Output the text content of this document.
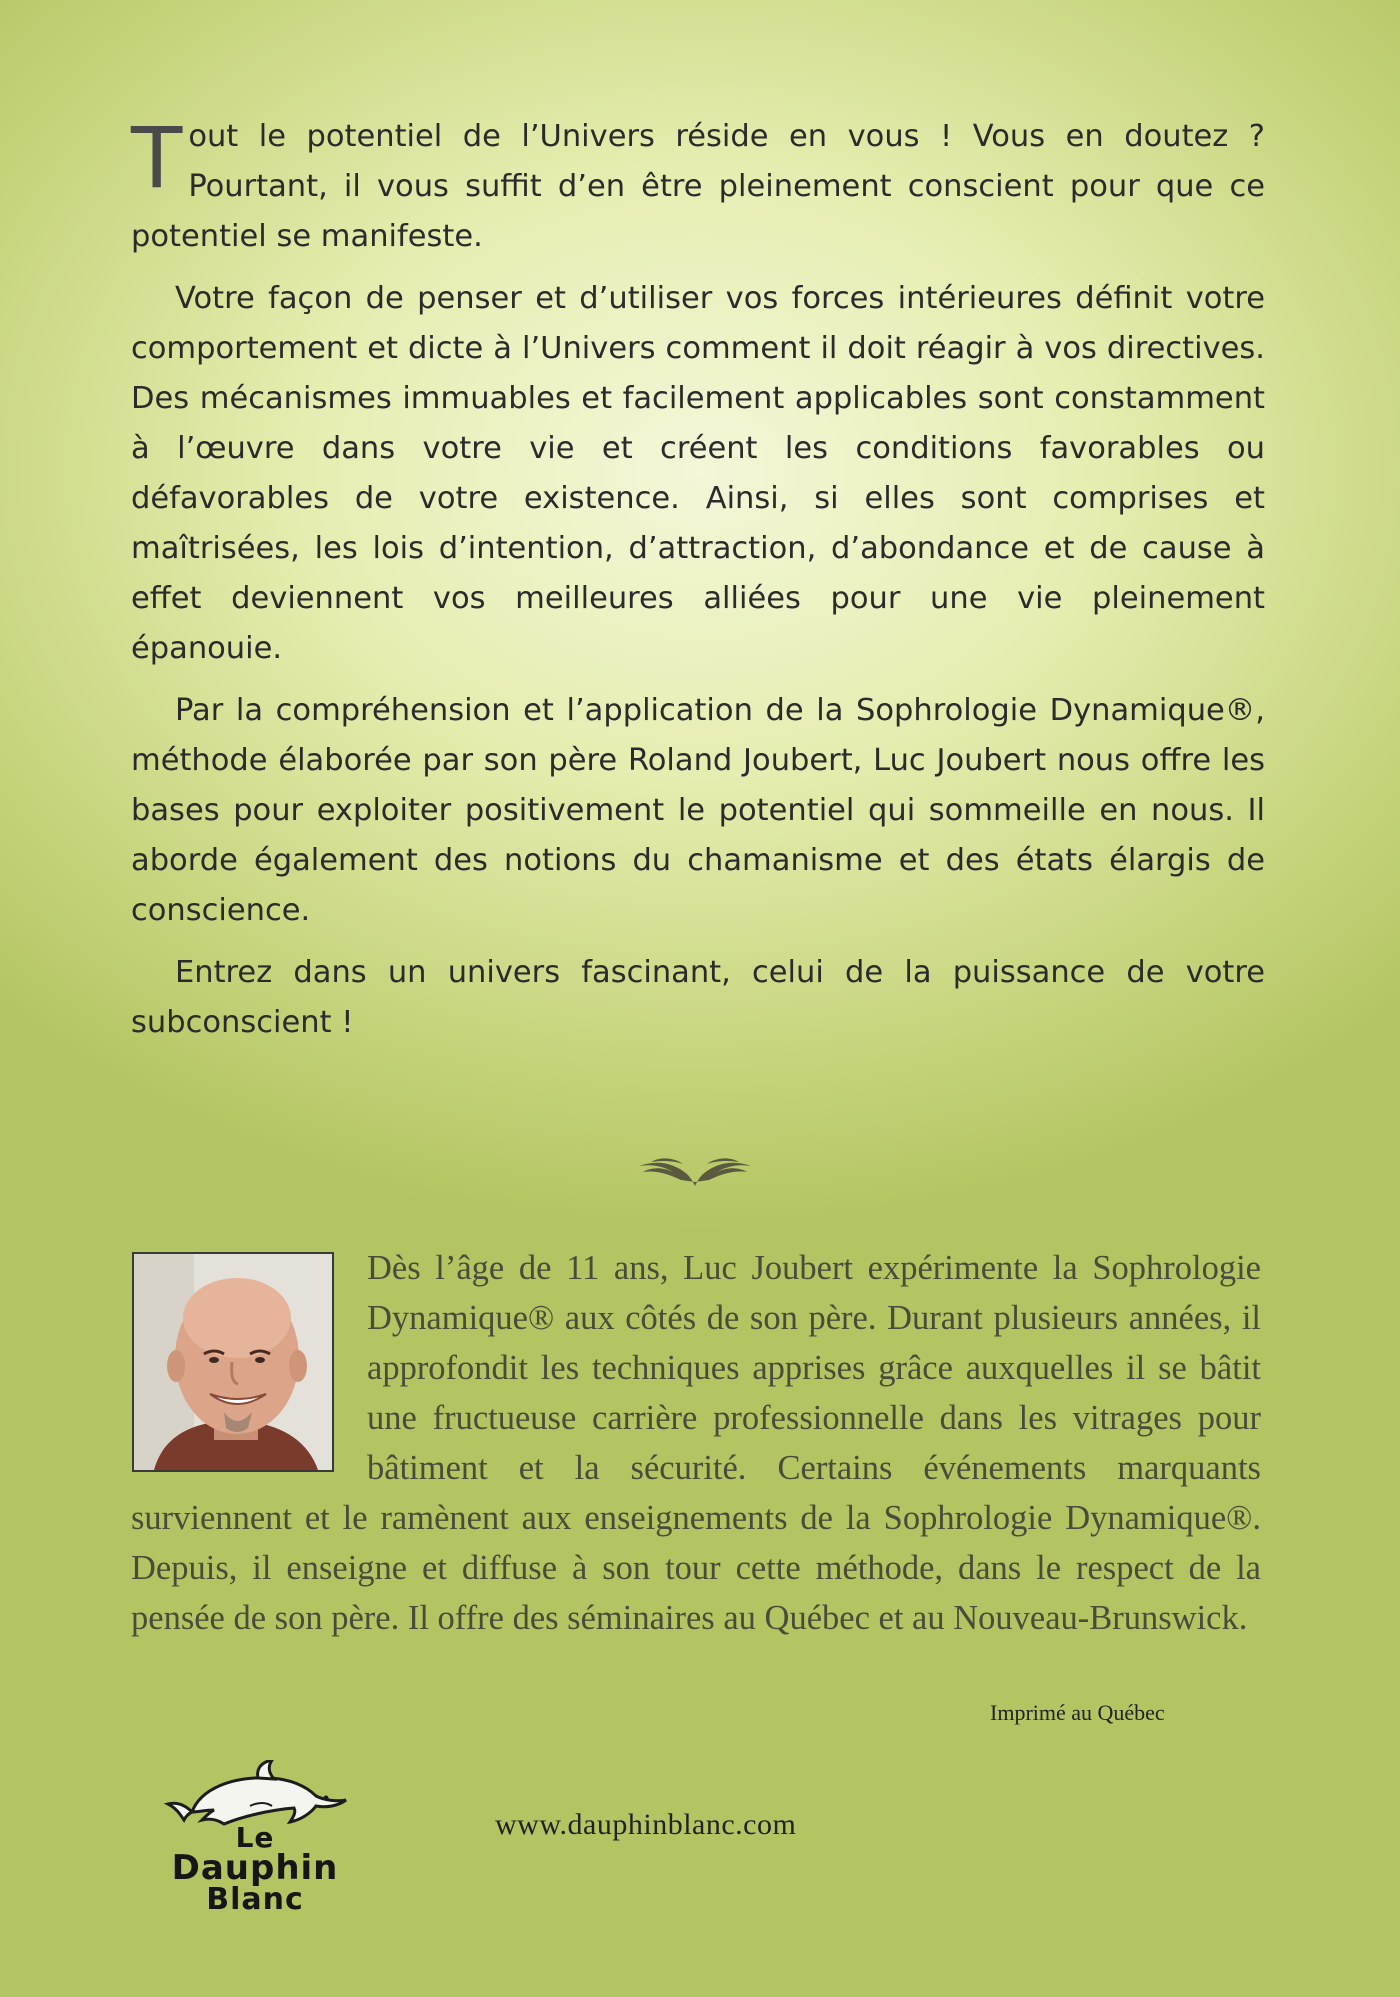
Tout le potentiel de l’Univers réside en vous ! Vous en doutez ? Pourtant, il vous suffit d’en être pleinement conscient pour que ce potentiel se manifeste.

Votre façon de penser et d’utiliser vos forces intérieures définit votre comportement et dicte à l’Univers comment il doit réagir à vos directives. Des mécanismes immuables et facilement applicables sont constamment à l’œuvre dans votre vie et créent les conditions favorables ou défavorables de votre existence. Ainsi, si elles sont comprises et maîtrisées, les lois d’intention, d’attraction, d’abondance et de cause à effet deviennent vos meilleures alliées pour une vie pleinement épanouie.

Par la compréhension et l’application de la Sophrologie Dynamique®, méthode élaborée par son père Roland Joubert, Luc Joubert nous offre les bases pour exploiter positivement le potentiel qui sommeille en nous. Il aborde également des notions du chamanisme et des états élargis de conscience.

Entrez dans un univers fascinant, celui de la puissance de votre subconscient !

Dès l’âge de 11 ans, Luc Joubert expérimente la Sophrologie Dynamique® aux côtés de son père. Durant plusieurs années, il approfondit les techniques apprises grâce auxquelles il se bâtit une fructueuse carrière professionnelle dans les vitrages pour bâtiment et la sécurité. Certains événements marquants surviennent et le ramènent aux enseignements de la Sophrologie Dynamique®. Depuis, il enseigne et diffuse à son tour cette méthode, dans le respect de la pensée de son père. Il offre des séminaires au Québec et au Nouveau-Brunswick.
Imprimé au Québec
Le
Dauphin
Blanc
www.dauphinblanc.com
